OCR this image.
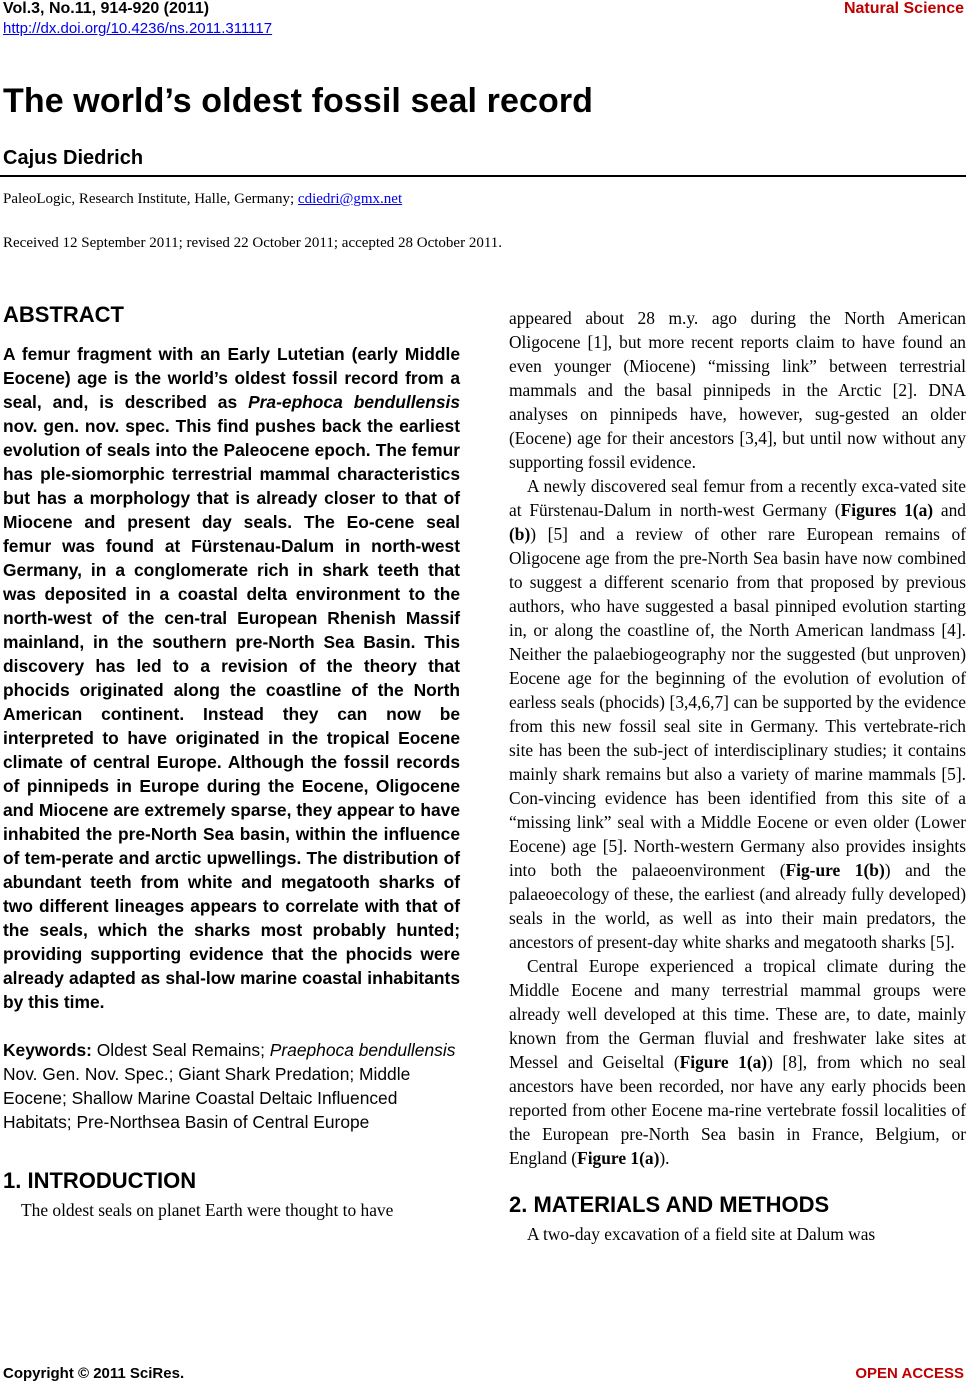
Vol.3, No.11, 914-920 (2011)
http://dx.doi.org/10.4236/ns.2011.311117
Natural Science
The world’s oldest fossil seal record
Cajus Diedrich
PaleoLogic, Research Institute, Halle, Germany; cdiedri@gmx.net
Received 12 September 2011; revised 22 October 2011; accepted 28 October 2011.
ABSTRACT

A femur fragment with an Early Lutetian (early Middle Eocene) age is the world’s oldest fossil record from a seal, and, is described as Pra-ephoca bendullensis nov. gen. nov. spec. This find pushes back the earliest evolution of seals into the Paleocene epoch. The femur has ple-siomorphic terrestrial mammal characteristics but has a morphology that is already closer to that of Miocene and present day seals. The Eo-cene seal femur was found at Fürstenau-Dalum in north-west Germany, in a conglomerate rich in shark teeth that was deposited in a coastal delta environment to the north-west of the cen-tral European Rhenish Massif mainland, in the southern pre-North Sea Basin. This discovery has led to a revision of the theory that phocids originated along the coastline of the North American continent. Instead they can now be interpreted to have originated in the tropical Eocene climate of central Europe. Although the fossil records of pinnipeds in Europe during the Eocene, Oligocene and Miocene are extremely sparse, they appear to have inhabited the pre-North Sea basin, within the influence of tem-perate and arctic upwellings. The distribution of abundant teeth from white and megatooth sharks of two different lineages appears to correlate with that of the seals, which the sharks most probably hunted; providing supporting evidence that the phocids were already adapted as shal-low marine coastal inhabitants by this time.

Keywords: Oldest Seal Remains; Praephoca bendullensis Nov. Gen. Nov. Spec.; Giant Shark Predation; Middle Eocene; Shallow Marine Coastal Deltaic Influenced Habitats; Pre-Northsea Basin of Central Europe

1. INTRODUCTION

The oldest seals on planet Earth were thought to have

appeared about 28 m.y. ago during the North American Oligocene [1], but more recent reports claim to have found an even younger (Miocene) “missing link” between terrestrial mammals and the basal pinnipeds in the Arctic [2]. DNA analyses on pinnipeds have, however, sug-gested an older (Eocene) age for their ancestors [3,4], but until now without any supporting fossil evidence.

A newly discovered seal femur from a recently exca-vated site at Fürstenau-Dalum in north-west Germany (Figures 1(a) and (b)) [5] and a review of other rare European remains of Oligocene age from the pre-North Sea basin have now combined to suggest a different scenario from that proposed by previous authors, who have suggested a basal pinniped evolution starting in, or along the coastline of, the North American landmass [4]. Neither the palaebiogeography nor the suggested (but unproven) Eocene age for the beginning of the evolution of evolution of earless seals (phocids) [3,4,6,7] can be supported by the evidence from this new fossil seal site in Germany. This vertebrate-rich site has been the sub-ject of interdisciplinary studies; it contains mainly shark remains but also a variety of marine mammals [5]. Con-vincing evidence has been identified from this site of a “missing link” seal with a Middle Eocene or even older (Lower Eocene) age [5]. North-western Germany also provides insights into both the palaeoenvironment (Fig-ure 1(b)) and the palaeoecology of these, the earliest (and already fully developed) seals in the world, as well as into their main predators, the ancestors of present-day white sharks and megatooth sharks [5].

Central Europe experienced a tropical climate during the Middle Eocene and many terrestrial mammal groups were already well developed at this time. These are, to date, mainly known from the German fluvial and freshwater lake sites at Messel and Geiseltal (Figure 1(a)) [8], from which no seal ancestors have been recorded, nor have any early phocids been reported from other Eocene ma-rine vertebrate fossil localities of the European pre-North Sea basin in France, Belgium, or England (Figure 1(a)).

2. MATERIALS AND METHODS

A two-day excavation of a field site at Dalum was

Copyright © 2011 SciRes.	OPEN ACCESS
